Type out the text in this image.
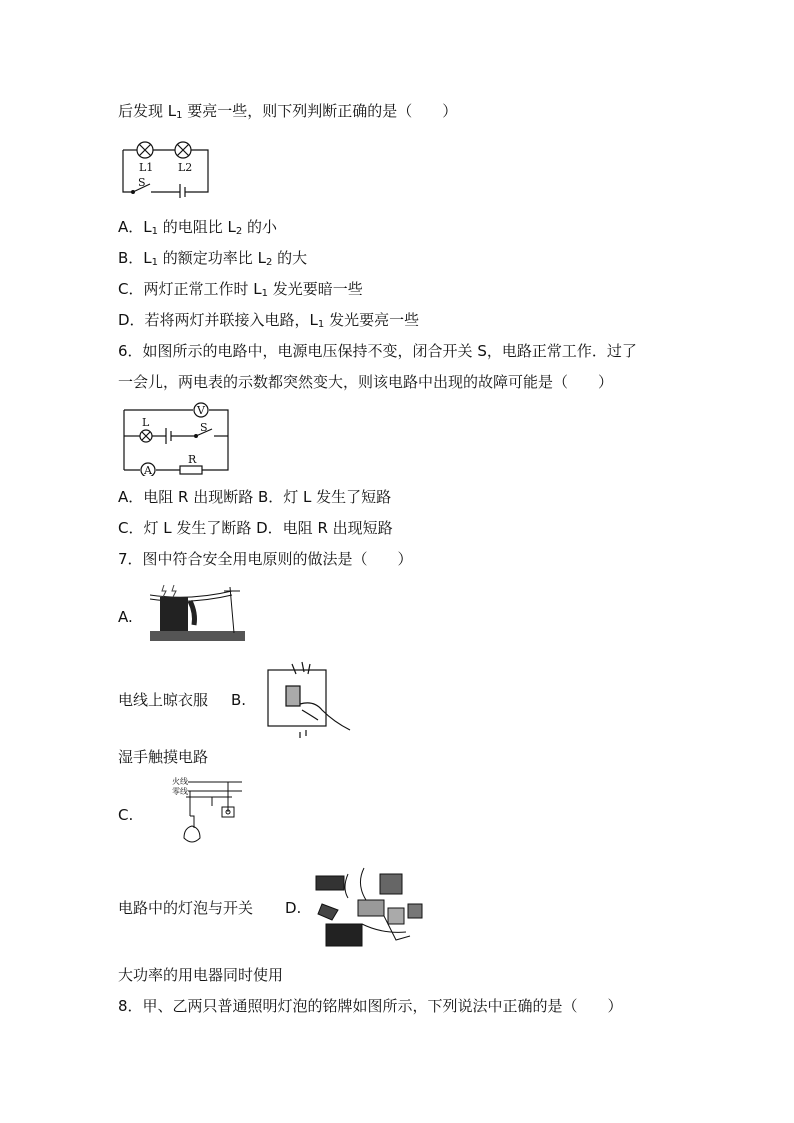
后发现 $L_1$ 要亮一些，则下列判断正确的是（　　）
L1 L2
S
A．$L_1$ 的电阻比 $L_2$ 的小
B．$L_1$ 的额定功率比 $L_2$ 的大
C．两灯正常工作时 $L_1$ 发光要暗一些
D．若将两灯并联接入电路，$L_1$ 发光要亮一些
6．如图所示的电路中，电源电压保持不变，闭合开关 S，电路正常工作．过了
一会儿，两电表的示数都突然变大，则该电路中出现的故障可能是（　　）
V
L	S
A
R
A．电阻 R 出现断路 B．灯 L 发生了短路
C．灯 L 发生了断路 D．电阻 R 出现短路
7．图中符合安全用电原则的做法是（　　）
A.
电线上晾衣服 B.
湿手触摸电路
C.
火线
零线
电路中的灯泡与开关 D.
大功率的用电器同时使用
8．甲、乙两只普通照明灯泡的铭牌如图所示，下列说法中正确的是（　　）
